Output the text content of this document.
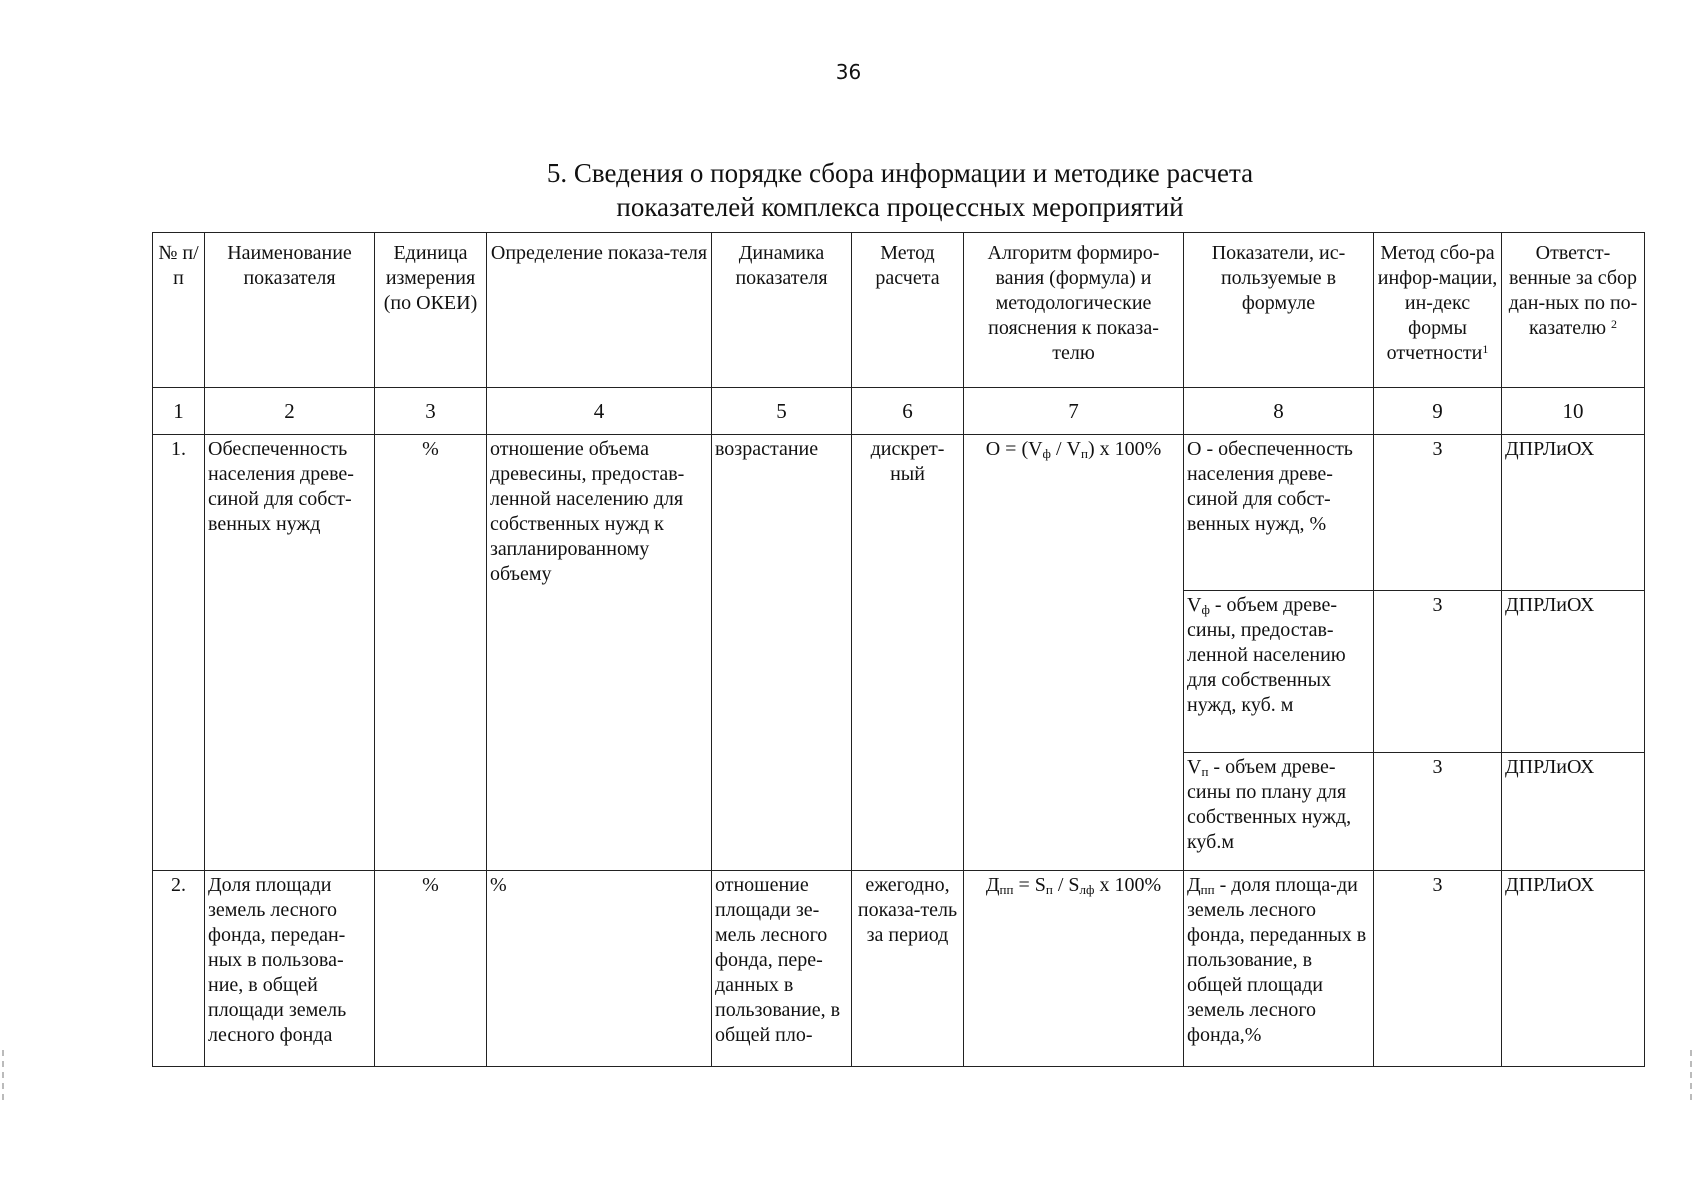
36
5. Сведения о порядке сбора информации и методике расчета
показателей комплекса процессных мероприятий
№ п/п	Наименование показателя	Единица измерения (по ОКЕИ)	Определение показа-теля	Динамика показателя	Метод расчета	Алгоритм формиро-вания (формула) и методологические пояснения к показа-телю	Показатели, ис-пользуемые в формуле	Метод сбо-ра инфор-мации, ин-декс формы отчетности$^1$	Ответст-венные за сбор дан-ных по по-казателю $^2$
1	2	3	4	5	6	7	8	9	10
1.	Обеспеченность населения древе-синой для собст-венных нужд	%	отношение объема древесины, предостав-ленной населению для собственных нужд к запланированному объему	возрастание	дискрет-ный	$O = (V_ф / V_п)$ x 100%	O - обеспеченность населения древе-синой для собст-венных нужд, %	3	ДПРЛиОХ
							$V_ф$ - объем древе-сины, предостав-ленной населению для собственных нужд, куб. м	3	ДПРЛиОХ
							$V_п$ - объем древе-сины по плану для собственных нужд, куб.м	3	ДПРЛиОХ
2.	Доля площади земель лесного фонда, передан-ных в пользова-ние, в общей площади земель лесного фонда	%	%	отношение площади зе-мель лесного фонда, пере-данных в пользование, в общей пло-	ежегодно, показа-тель за период	$Д_{пп} = S_п / S_{лф}$ x 100%	$Д_{пп}$ - доля площа-ди земель лесного фонда, переданных в пользование, в общей площади земель лесного фонда,%	3	ДПРЛиОХ
